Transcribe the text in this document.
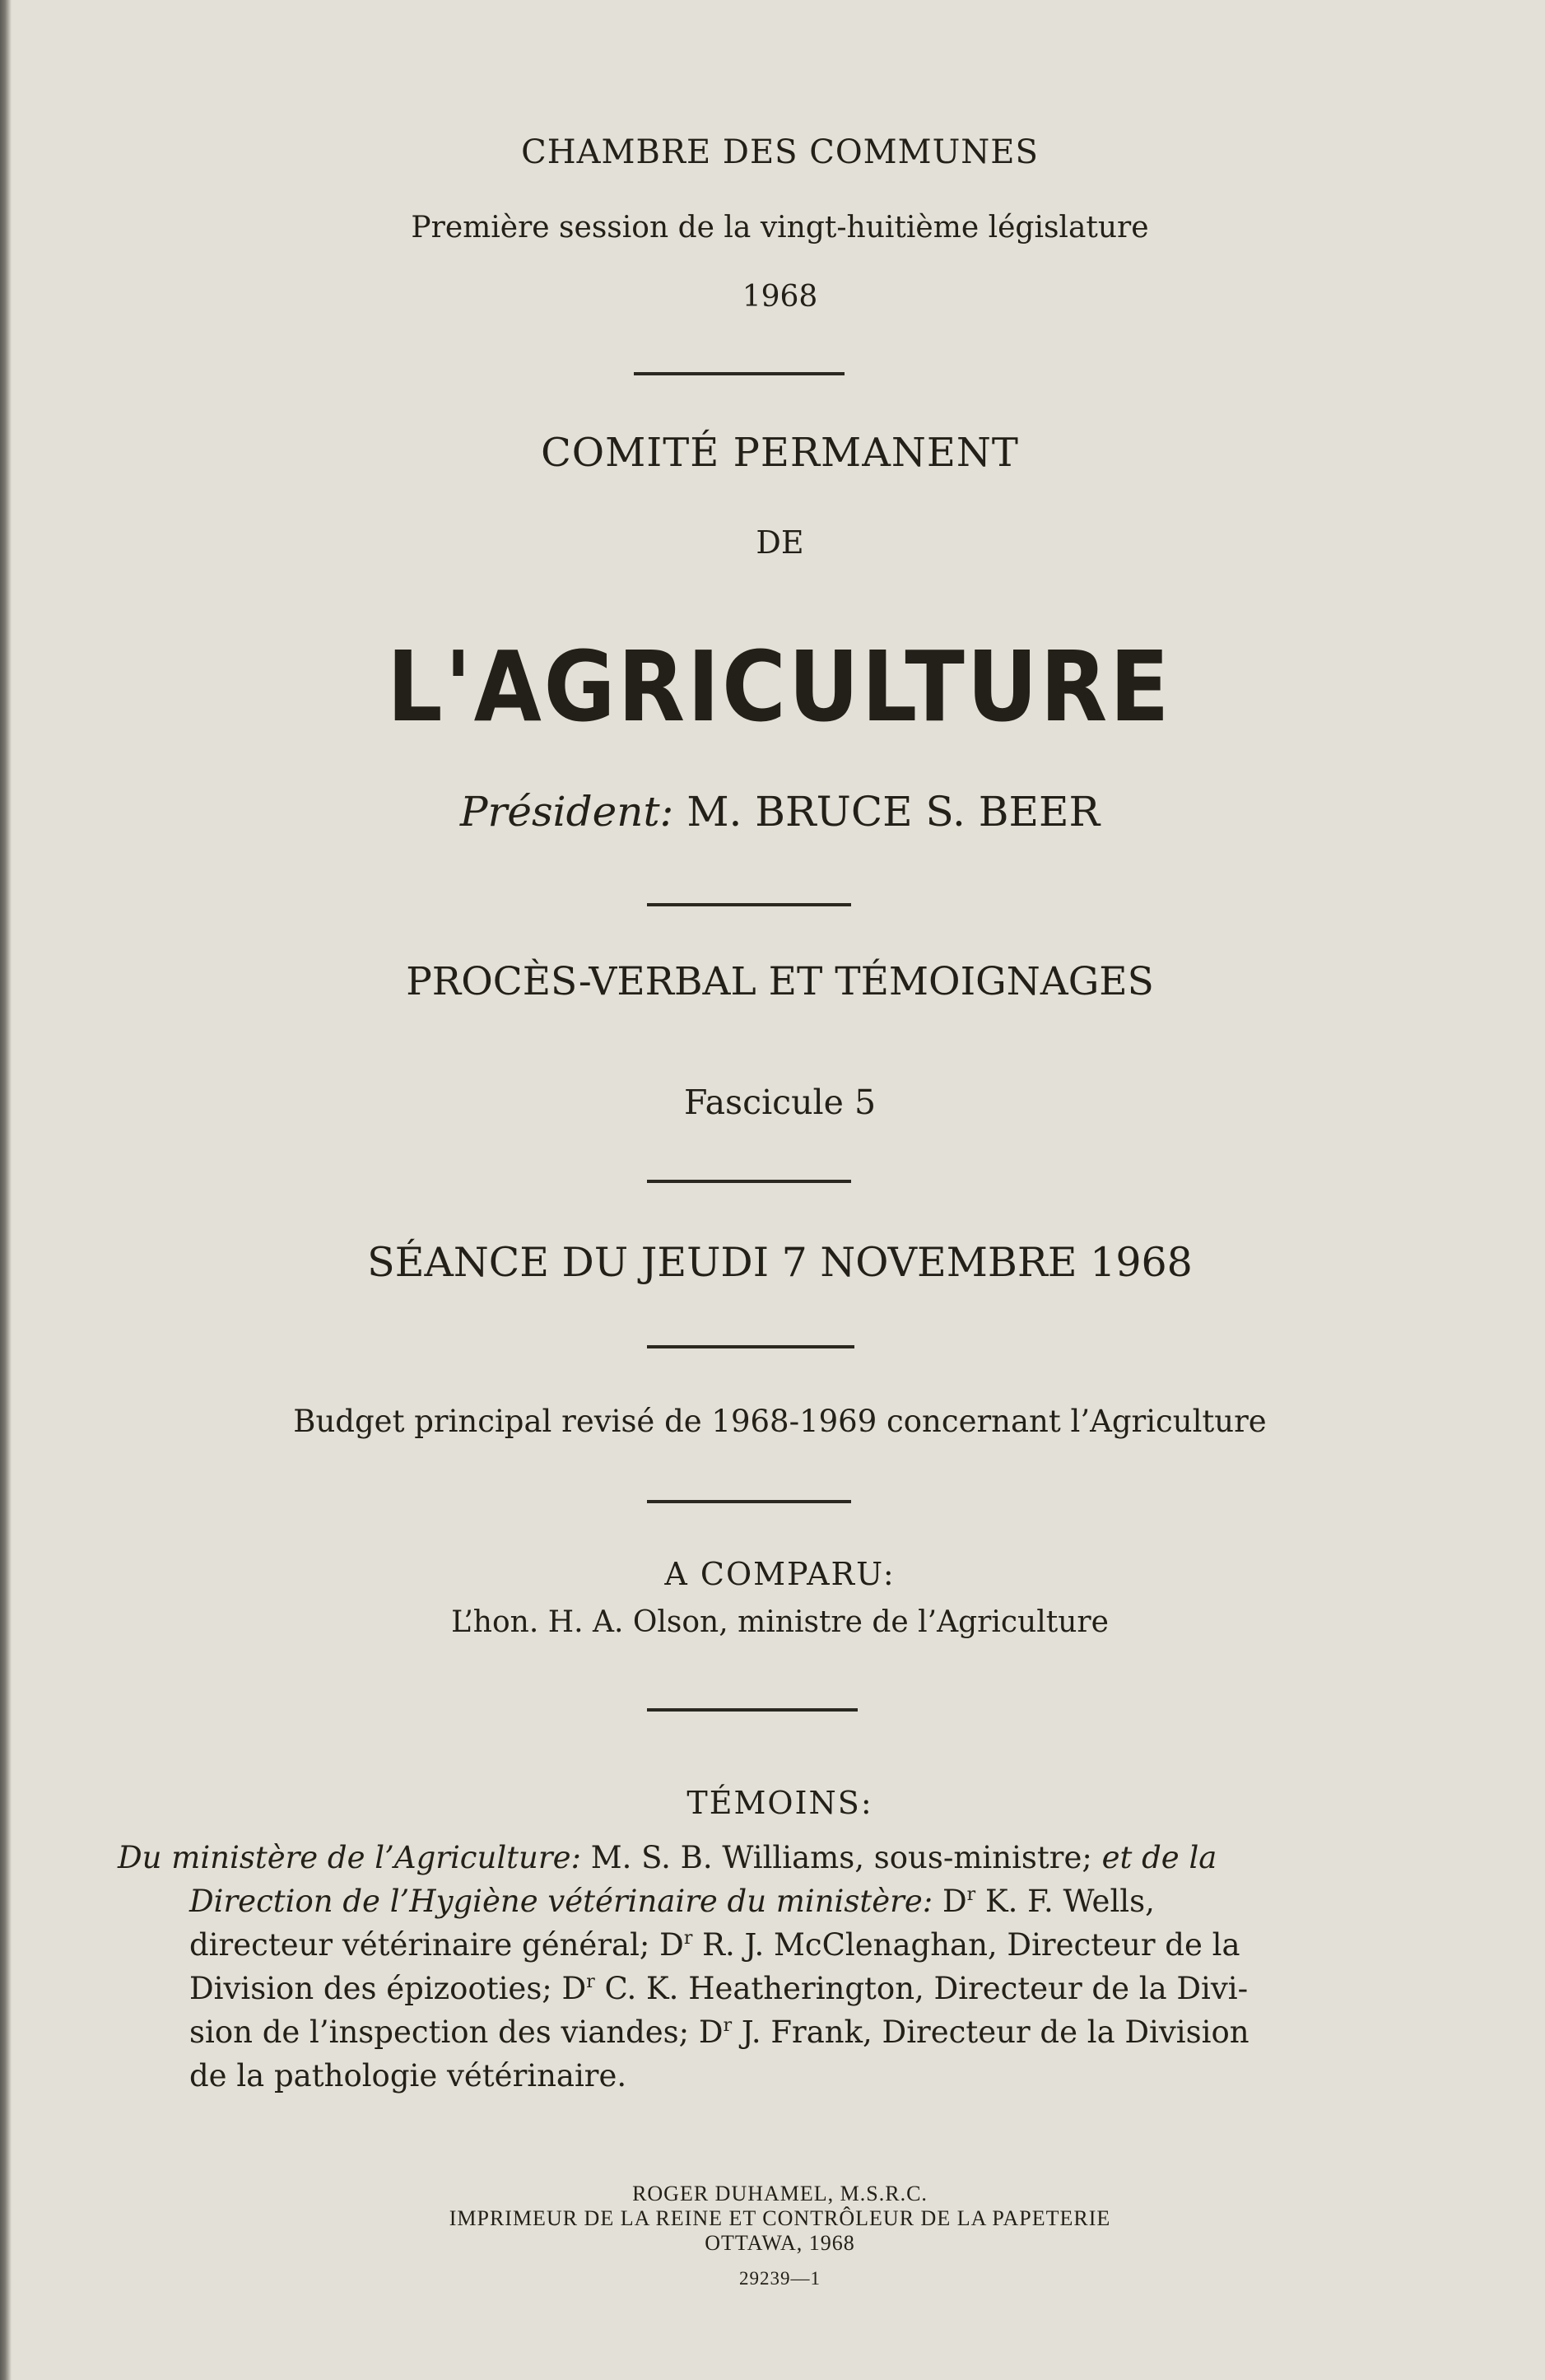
CHAMBRE DES COMMUNES
Première session de la vingt-huitième législature
1968
COMITÉ PERMANENT
DE
L'AGRICULTURE
Président: M. BRUCE S. BEER
PROCÈS-VERBAL ET TÉMOIGNAGES
Fascicule 5
SÉANCE DU JEUDI 7 NOVEMBRE 1968
Budget principal revisé de 1968-1969 concernant l’Agriculture
A COMPARU:
L’hon. H. A. Olson, ministre de l’Agriculture
TÉMOINS:
Du ministère de l’Agriculture: M. S. B. Williams, sous-ministre; et de la
Direction de l’Hygiène vétérinaire du ministère: $D^r$ K. F. Wells,
directeur vétérinaire général; $D^r$ R. J. McClenaghan, Directeur de la
Division des épizooties; $D^r$ C. K. Heatherington, Directeur de la Divi-
sion de l’inspection des viandes; $D^r$ J. Frank, Directeur de la Division
de la pathologie vétérinaire.
ROGER DUHAMEL, M.S.R.C.
IMPRIMEUR DE LA REINE ET CONTRÔLEUR DE LA PAPETERIE
OTTAWA, 1968
29239—1
